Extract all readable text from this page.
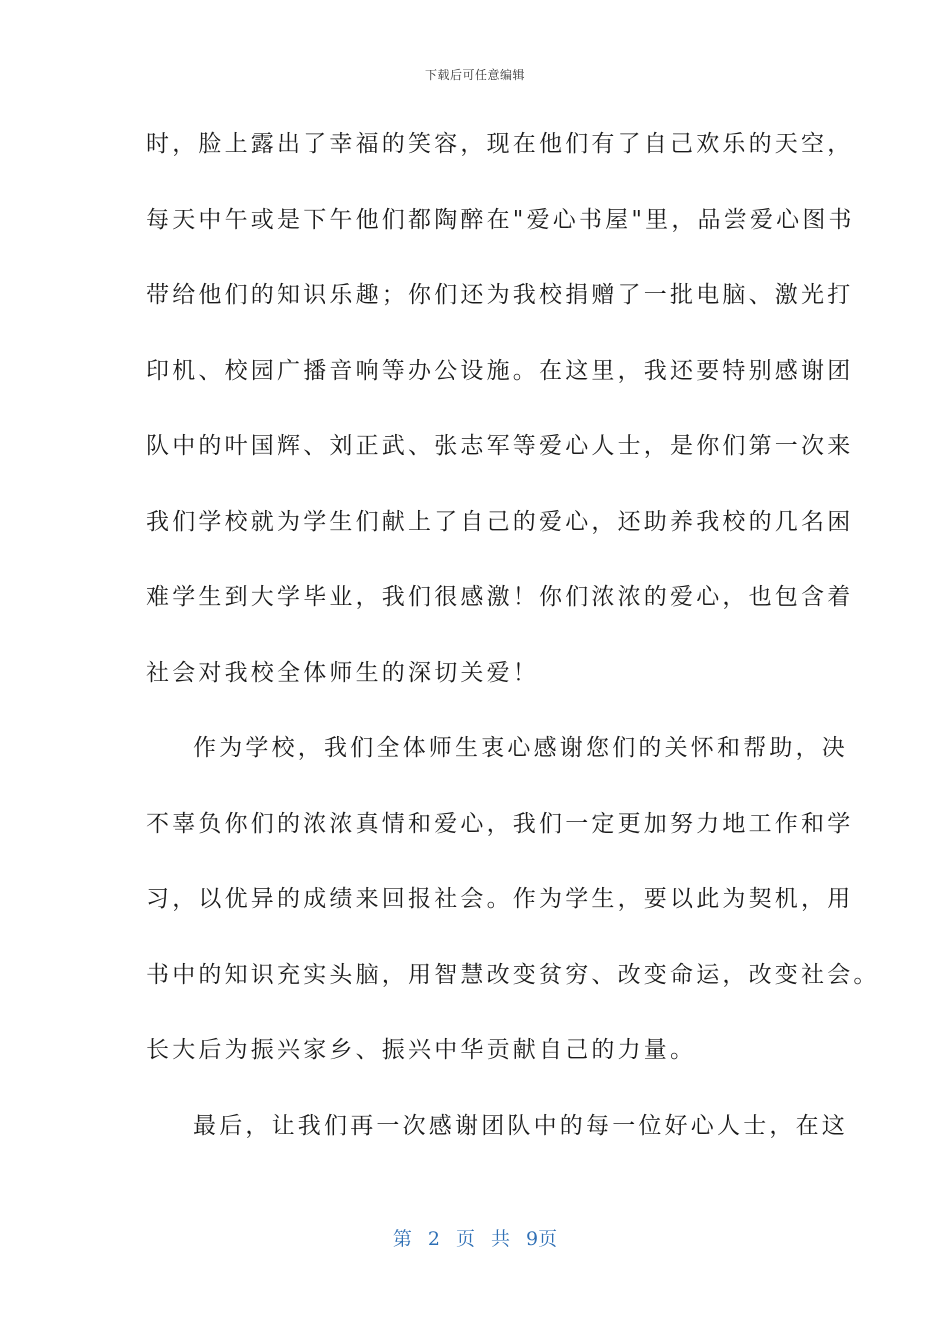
下载后可任意编辑
时，脸上露出了幸福的笑容，现在他们有了自己欢乐的天空，
每天中午或是下午他们都陶醉在"爱心书屋"里，品尝爱心图书
带给他们的知识乐趣；你们还为我校捐赠了一批电脑、激光打
印机、校园广播音响等办公设施。在这里，我还要特别感谢团
队中的叶国辉、刘正武、张志军等爱心人士，是你们第一次来
我们学校就为学生们献上了自己的爱心，还助养我校的几名困
难学生到大学毕业，我们很感激！你们浓浓的爱心，也包含着
社会对我校全体师生的深切关爱！
作为学校，我们全体师生衷心感谢您们的关怀和帮助，决
不辜负你们的浓浓真情和爱心，我们一定更加努力地工作和学
习，以优异的成绩来回报社会。作为学生，要以此为契机，用
书中的知识充实头脑，用智慧改变贫穷、改变命运，改变社会。
长大后为振兴家乡、振兴中华贡献自己的力量。
最后，让我们再一次感谢团队中的每一位好心人士，在这
第 2 页 共 9页
